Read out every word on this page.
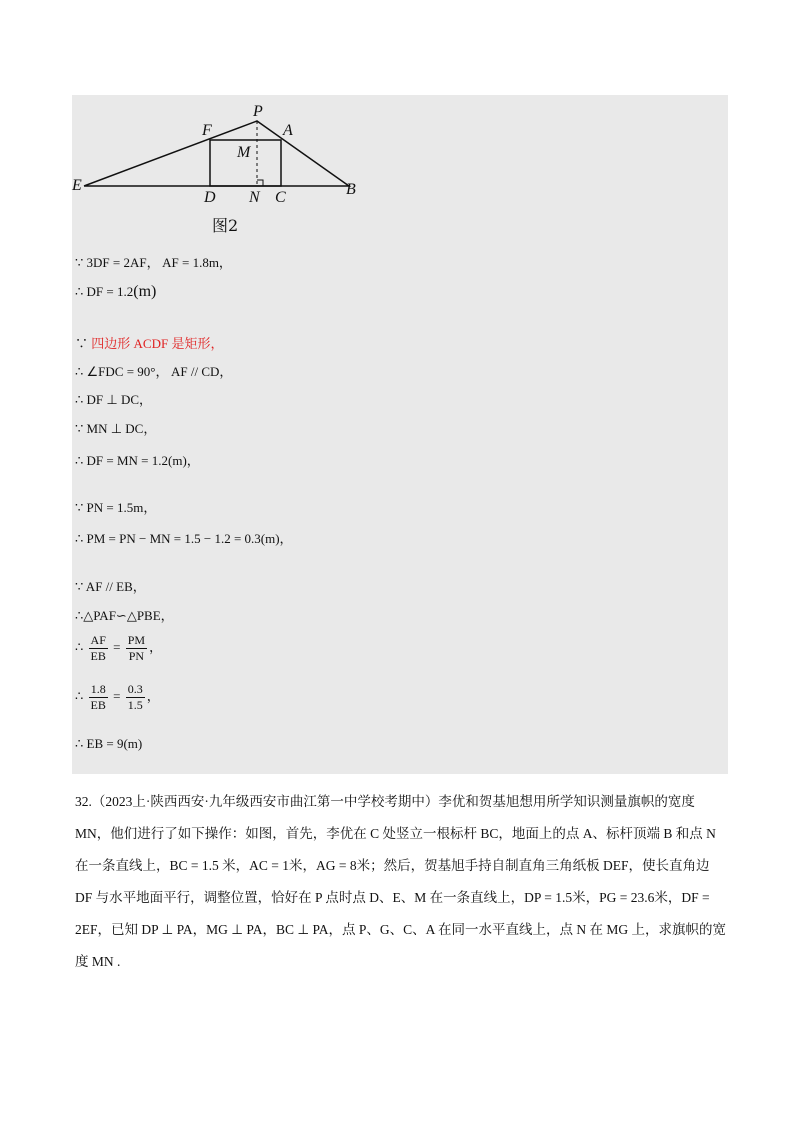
P
F	A
M
E
D N C	B
图2
∵ 3DF = 2AF， AF = 1.8m，
∴ DF = 1.2(m)
∵ 四边形 ACDF 是矩形，
∴ ∠FDC = 90°， AF // CD，
∴ DF ⊥ DC，
∵ MN ⊥ DC，
∴ DF = MN = 1.2(m)，
∵ PN = 1.5m，
∴ PM = PN − MN = 1.5 − 1.2 = 0.3(m)，
∵ AF // EB，
∴△PAF∽△PBE，
∴ $\frac{AF}{EB} = \frac{PM}{PN}$ ，
∴ $\frac{1.8}{EB} = \frac{0.3}{1.5}$ ，
∴ EB = 9(m)
32.（2023上·陕西西安·九年级西安市曲江第一中学校考期中）李优和贺基旭想用所学知识测量旗帜的宽度 MN，他们进行了如下操作：如图，首先，李优在 C 处竖立一根标杆 BC，地面上的点 A、标杆顶端 B 和点 N 在一条直线上，BC = 1.5 米，AC = 1米，AG = 8米；然后，贺基旭手持自制直角三角纸板 DEF，使长直角边 DF 与水平地面平行，调整位置，恰好在 P 点时点 D、E、M 在一条直线上，DP = 1.5米，PG = 23.6米，DF = 2EF，已知 DP ⊥ PA，MG ⊥ PA，BC ⊥ PA，点 P、G、C、A 在同一水平直线上，点 N 在 MG 上，求旗帜的宽度 MN .
